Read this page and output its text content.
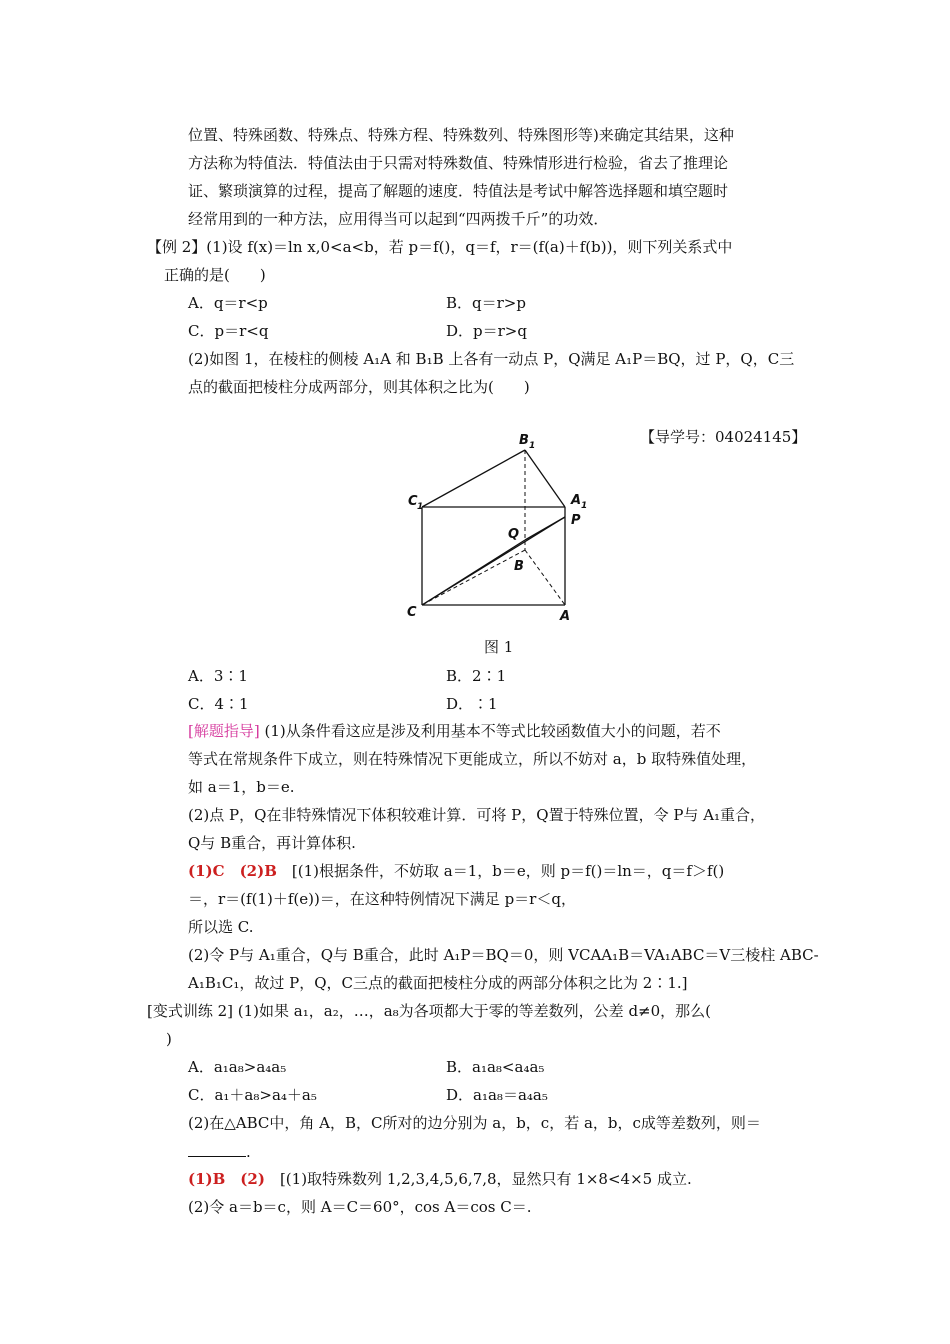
位置、特殊函数、特殊点、特殊方程、特殊数列、特殊图形等)来确定其结果，这种
方法称为特值法．特值法由于只需对特殊数值、特殊情形进行检验，省去了推理论
证、繁琐演算的过程，提高了解题的速度．特值法是考试中解答选择题和填空题时
经常用到的一种方法，应用得当可以起到“四两拨千斤”的功效．
【例 2】(1)设 f(x)＝ln x,0<a<b，若 p＝f()，q＝f，r＝(f(a)＋f(b))，则下列关系式中
正确的是(　　)
A．q＝r<p	B．q＝r>p
C．p＝r<q	D．p＝r>q
(2)如图 1，在棱柱的侧棱 A₁A 和 B₁B 上各有一动点 P，Q满足 A₁P＝BQ，过 P，Q，C三
点的截面把棱柱分成两部分，则其体积之比为(　　)
【导学号：04024145】
B 1
C 1	A 1
P
Q
B
C	A
图 1
A．3∶1	B．2∶1
C．4∶1	D．∶1
[解题指导] (1)从条件看这应是涉及利用基本不等式比较函数值大小的问题，若不
等式在常规条件下成立，则在特殊情况下更能成立，所以不妨对 a，b 取特殊值处理，
如 a＝1，b＝e.
(2)点 P，Q在非特殊情况下体积较难计算．可将 P，Q置于特殊位置，令 P与 A₁重合，
Q与 B重合，再计算体积.
(1)C　(2)B　[(1)根据条件，不妨取 a＝1，b＝e，则 p＝f()＝ln＝，q＝f＞f()
＝，r＝(f(1)＋f(e))＝，在这种特例情况下满足 p＝r＜q，
所以选 C.
(2)令 P与 A₁重合，Q与 B重合，此时 A₁P＝BQ＝0，则 VCAA₁B＝VA₁ABC＝V三棱柱 ABC-
A₁B₁C₁，故过 P，Q，C三点的截面把棱柱分成的两部分体积之比为 2∶1.]
[变式训练 2] (1)如果 a₁，a₂，…，a₈为各项都大于零的等差数列，公差 d≠0，那么(
)
A．a₁a₈>a₄a₅	B．a₁a₈<a₄a₅
C．a₁＋a₈>a₄＋a₅	D．a₁a₈＝a₄a₅
(2)在△ABC中，角 A，B，C所对的边分别为 a，b，c，若 a，b，c成等差数列，则＝
.
(1)B　(2)　[(1)取特殊数列 1,2,3,4,5,6,7,8，显然只有 1×8<4×5 成立.
(2)令 a＝b＝c，则 A＝C＝60°，cos A＝cos C＝.
